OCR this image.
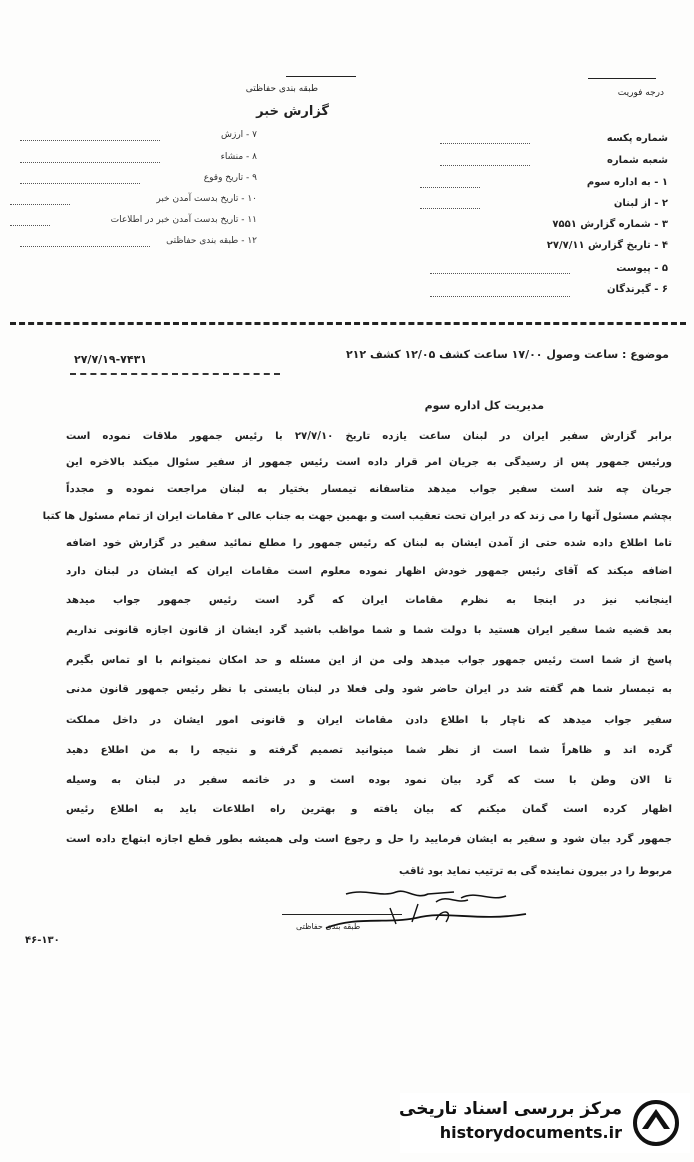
درجه فوریت
طبقه بندی حفاظتی
گزارش خبر
شماره پکسه
شعبه شماره
۱ - به اداره سوم
۲ - از لبنان
۳ - شماره گزارش ۷۵۵۱
۴ - تاریخ گزارش ۲۷/۷/۱۱
۵ - پیوست
۶ - گیرندگان
۷ - ارزش
۸ - منشاء
۹ - تاریخ وقوع
۱۰ - تاریخ بدست آمدن خبر
۱۱ - تاریخ بدست آمدن خبر در اطلاعات
۱۲ - طبقه بندی حفاظتی
موضوع : ساعت وصول ۱۷/۰۰ ساعت کشف ۱۲/۰۵ کشف ۲۱۲
۲۷/۷/۱۹-۷۴۳۱
مدیریت کل اداره سوم
برابر گزارش سفیر ایران در لبنان ساعت یازده تاریخ ۲۷/۷/۱۰ با رئیس جمهور ملاقات نموده است
ورئیس جمهور پس از رسیدگی به جریان امر قرار داده است رئیس جمهور از سفیر سئوال میکند بالاخره این
جریان چه شد است سفیر جواب میدهد متاسفانه تیمسار بختیار به لبنان مراجعت نموده و مجدداً
بچشم مسئول آنها را می زند که در ایران تحت تعقیب است و بهمین جهت به جناب عالی ۲ مقامات ایران از تمام مسئول ها کتبا
تاما اطلاع داده شده حتی از آمدن ایشان به لبنان که رئیس جمهور را مطلع نمائید سفیر در گزارش خود اضافه
اضافه میکند که آقای رئیس جمهور خودش اظهار نموده معلوم است مقامات ایران که ایشان در لبنان دارد
اینجانب نیز در اینجا به نظرم مقامات ایران که گرد است رئیس جمهور جواب میدهد
بعد قضیه شما سفیر ایران هستید با دولت شما و شما مواظب باشید گرد ایشان از قانون اجازه قانونی نداریم
پاسخ از شما است رئیس جمهور جواب میدهد ولی من از این مسئله و حد امکان نمیتوانم با او تماس بگیرم
به تیمسار شما هم گفته شد در ایران حاضر شود ولی فعلا در لبنان بایستی با نظر رئیس جمهور قانون مدنی
سفیر جواب میدهد که ناچار با اطلاع دادن مقامات ایران و قانونی امور ایشان در داخل مملکت
گرده اند و ظاهراً شما است از نظر شما میتوانید تصمیم گرفته و نتیجه را به من اطلاع دهید
تا الان وطن با ست که گرد بیان نمود بوده است و در خاتمه سفیر در لبنان به وسیله
اظهار کرده است گمان میکنم که بیان یافته و بهترین راه اطلاعات باید به اطلاع رئیس
جمهور گرد بیان شود و سفیر به ایشان فرمایید را حل و رجوع است ولی همیشه بطور قطع اجازه ابتهاج داده است
مربوط را در بیرون نماینده گی به ترتیب نماید بود ثاقب
طبقه بندی حفاظتی
۴۶-۱۳۰
مرکز بررسی اسناد تاریخی
historydocuments.ir
